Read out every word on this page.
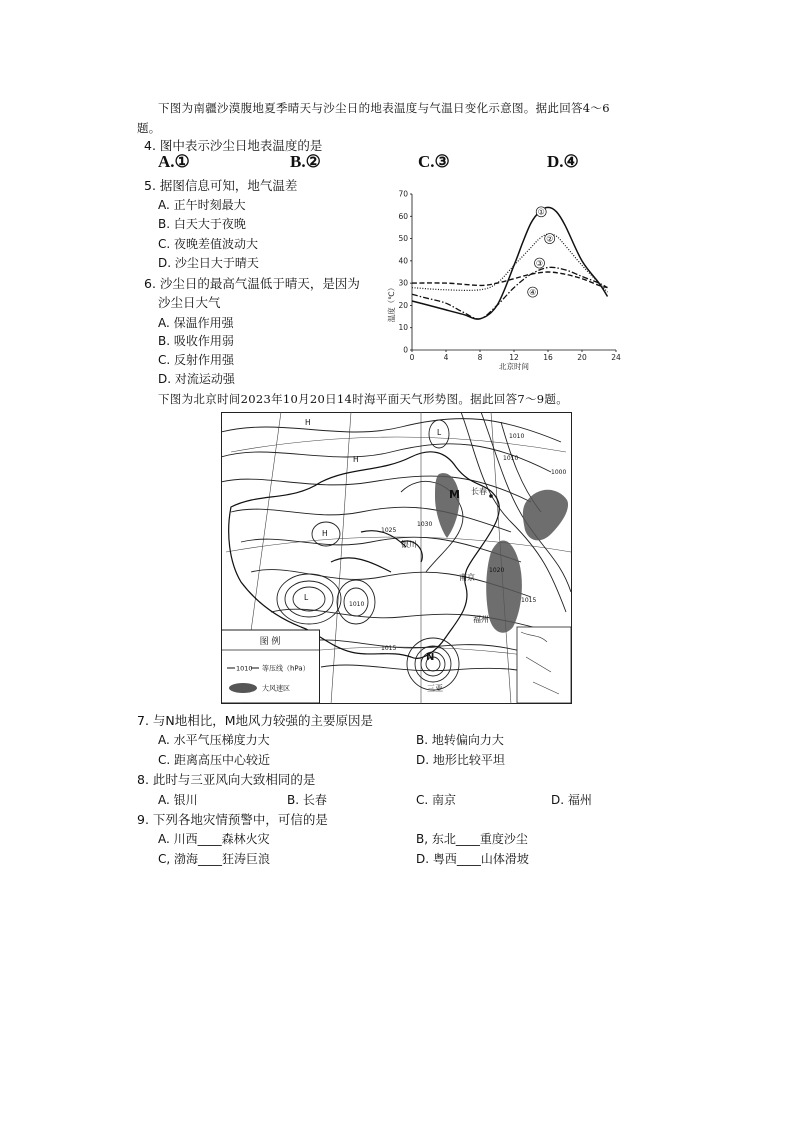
下图为南疆沙漠腹地夏季晴天与沙尘日的地表温度与气温日变化示意图。据此回答4～6
题。
4. 图中表示沙尘日地表温度的是
A.①	B.②	C.③	D.④
5. 据图信息可知，地气温差
A. 正午时刻最大
B. 白天大于夜晚
C. 夜晚差值波动大
D. 沙尘日大于晴天
6. 沙尘日的最高气温低于晴天，是因为
沙尘日大气
A. 保温作用强
B. 吸收作用弱
C. 反射作用强
D. 对流运动强
0
10
20
30
40
50
60
70
0	4	8	12	16	20	24
①
②
③
④
温度（℃）
北京时间
下图为北京时间2023年10月20日14时海平面天气形势图。据此回答7～9题。
图 例
1010 等压线（hPa）
大风速区
H
H
H
L
L
M
N
长春
银川
南京
福州
三亚
1010
1010
1015
1020
1025
1000
1015
1030
1010
7. 与N地相比，M地风力较强的主要原因是
A. 水平气压梯度力大	B. 地转偏向力大
C. 距离高压中心较近	D. 地形比较平坦
8. 此时与三亚风向大致相同的是
A. 银川	B. 长春	C. 南京	D. 福州
9. 下列各地灾情预警中，可信的是
A. 川西____森林火灾	B, 东北____重度沙尘
C, 渤海____狂涛巨浪	D. 粤西____山体滑坡
